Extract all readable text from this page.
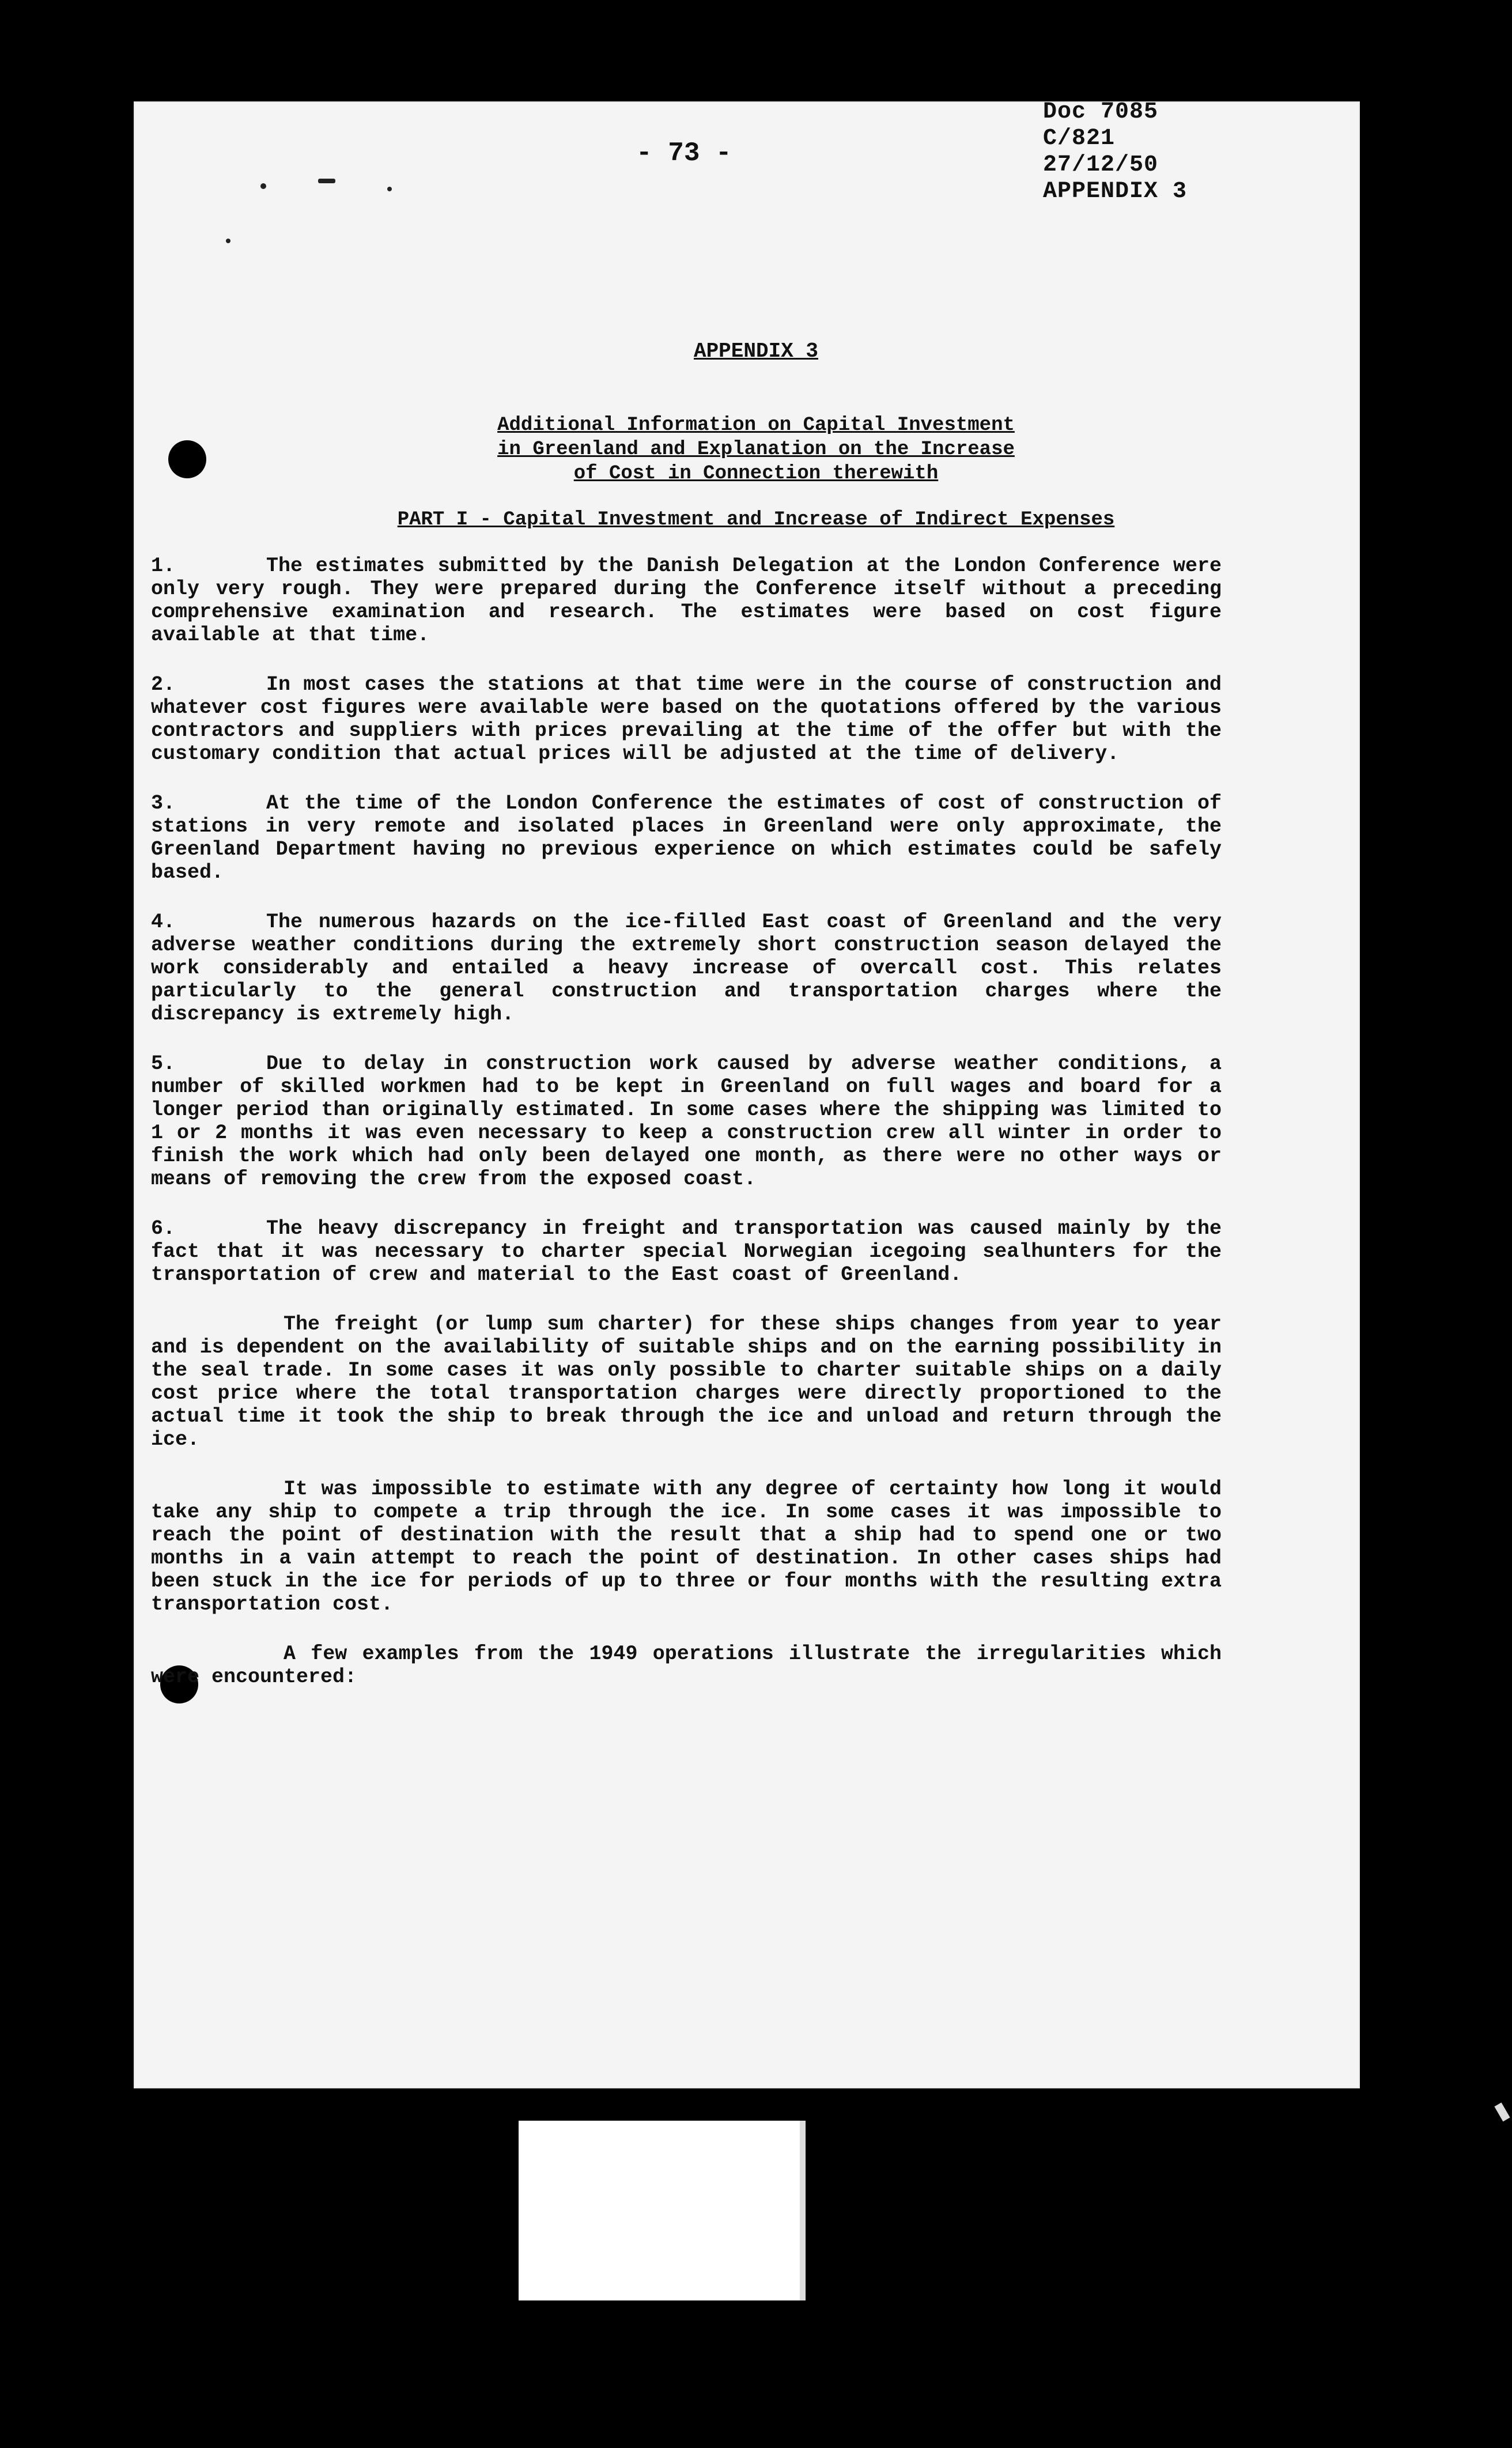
- 73 -
Doc 7085
C/821
27/12/50
APPENDIX 3
APPENDIX 3
Additional Information on Capital Investment
in Greenland and Explanation on the Increase
of Cost in Connection therewith
PART I - Capital Investment and Increase of Indirect Expenses

1.	The estimates submitted by the Danish Delegation at the London Conference were only very rough. They were prepared during the Conference itself without a preceding comprehensive examination and research. The estimates were based on cost figure available at that time.

2.	In most cases the stations at that time were in the course of construction and whatever cost figures were available were based on the quotations offered by the various contractors and suppliers with prices prevailing at the time of the offer but with the customary condition that actual prices will be adjusted at the time of delivery.

3.	At the time of the London Conference the estimates of cost of construction of stations in very remote and isolated places in Greenland were only approximate, the Greenland Department having no previous experience on which estimates could be safely based.

4.	The numerous hazards on the ice-filled East coast of Greenland and the very adverse weather conditions during the extremely short construction season delayed the work considerably and entailed a heavy increase of overcall cost. This relates particularly to the general construction and transportation charges where the discrepancy is extremely high.

5.	Due to delay in construction work caused by adverse weather conditions, a number of skilled workmen had to be kept in Greenland on full wages and board for a longer period than originally estimated. In some cases where the shipping was limited to 1 or 2 months it was even necessary to keep a construction crew all winter in order to finish the work which had only been delayed one month, as there were no other ways or means of removing the crew from the exposed coast.

6.	The heavy discrepancy in freight and transportation was caused mainly by the fact that it was necessary to charter special Norwegian icegoing sealhunters for the transportation of crew and material to the East coast of Greenland.

The freight (or lump sum charter) for these ships changes from year to year and is dependent on the availability of suitable ships and on the earning possibility in the seal trade. In some cases it was only possible to charter suitable ships on a daily cost price where the total transportation charges were directly proportioned to the actual time it took the ship to break through the ice and unload and return through the ice.

It was impossible to estimate with any degree of certainty how long it would take any ship to compete a trip through the ice. In some cases it was impossible to reach the point of destination with the result that a ship had to spend one or two months in a vain attempt to reach the point of destination. In other cases ships had been stuck in the ice for periods of up to three or four months with the resulting extra transportation cost.

A few examples from the 1949 operations illustrate the irregularities which were encountered:
